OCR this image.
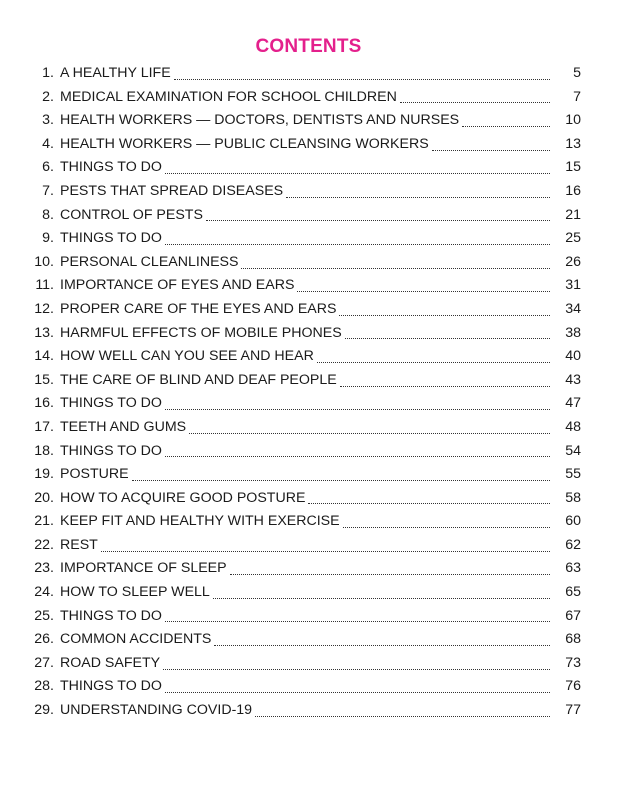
CONTENTS
1. A HEALTHY LIFE	5
2. MEDICAL EXAMINATION FOR SCHOOL CHILDREN	7
3. HEALTH WORKERS — DOCTORS, DENTISTS AND NURSES	10
4. HEALTH WORKERS — PUBLIC CLEANSING WORKERS	13
6. THINGS TO DO	15
7. PESTS THAT SPREAD DISEASES	16
8. CONTROL OF PESTS	21
9. THINGS TO DO	25
10. PERSONAL CLEANLINESS	26
11. IMPORTANCE OF EYES AND EARS	31
12. PROPER CARE OF THE EYES AND EARS	34
13. HARMFUL EFFECTS OF MOBILE PHONES	38
14. HOW WELL CAN YOU SEE AND HEAR	40
15. THE CARE OF BLIND AND DEAF PEOPLE	43
16. THINGS TO DO	47
17. TEETH AND GUMS	48
18. THINGS TO DO	54
19. POSTURE	55
20. HOW TO ACQUIRE GOOD POSTURE	58
21. KEEP FIT AND HEALTHY WITH EXERCISE	60
22. REST	62
23. IMPORTANCE OF SLEEP	63
24. HOW TO SLEEP WELL	65
25. THINGS TO DO	67
26. COMMON ACCIDENTS	68
27. ROAD SAFETY	73
28. THINGS TO DO	76
29. UNDERSTANDING COVID-19	77
